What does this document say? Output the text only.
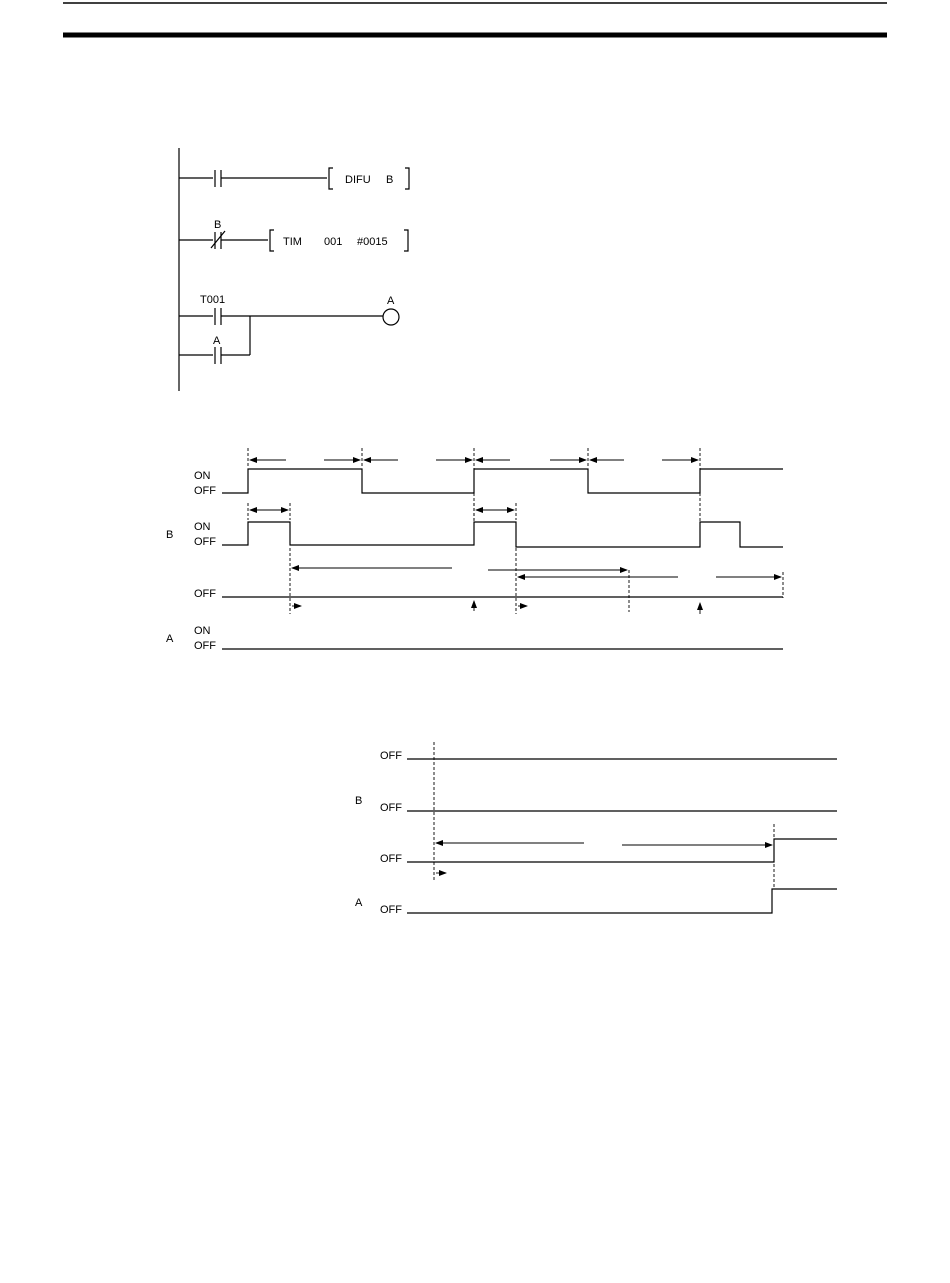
DIFU B
B
TIM 001 #0015
T001	A
A
ON
OFF
B
ON
OFF
OFF
A
ON
OFF
OFF
B
OFF
OFF
A
OFF
